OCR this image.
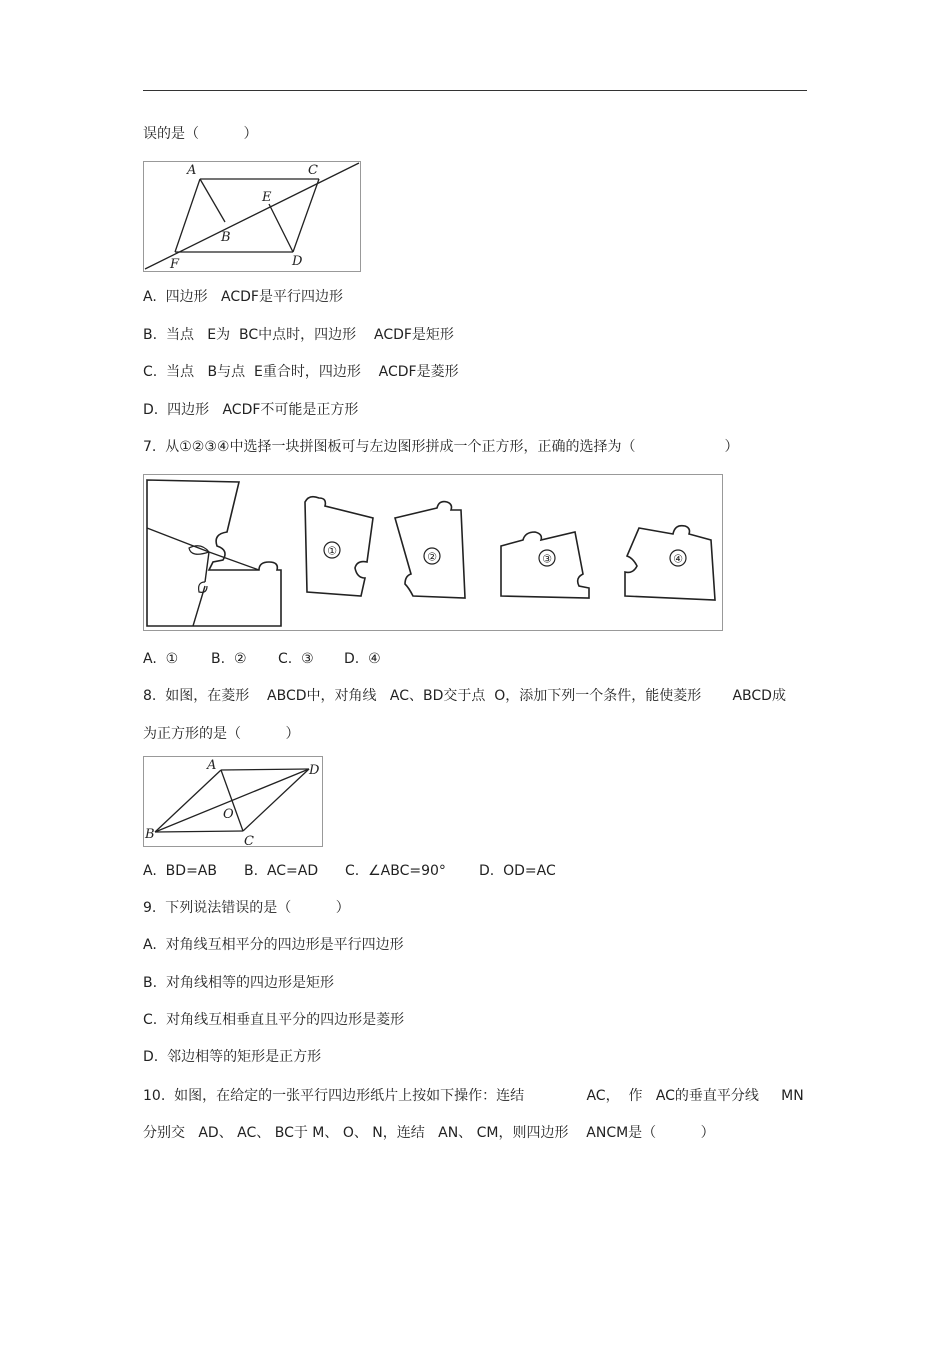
误的是（          ）
A	C
E
B
F	D
A.  四边形   ACDF是平行四边形
B.  当点   E为  BC中点时，四边形    ACDF是矩形
C.  当点   B与点  E重合时，四边形    ACDF是菱形
D.  四边形   ACDF不可能是正方形
7.  从①②③④中选择一块拼图板可与左边图形拼成一个正方形，正确的选择为（                    ）
①	②	③	④
A.  ① B.  ② C.  ③ D.  ④
8.  如图，在菱形    ABCD中，对角线   AC、BD交于点  O，添加下列一个条件，能使菱形       ABCD成
为正方形的是（          ）
A	D
O
B	C
A.  BD=AB B.  AC=AD C.  ∠ABC=90° D.  OD=AC
9.  下列说法错误的是（          ）
A.  对角线互相平分的四边形是平行四边形
B.  对角线相等的四边形是矩形
C.  对角线互相垂直且平分的四边形是菱形
D.  邻边相等的矩形是正方形
10.  如图，在给定的一张平行四边形纸片上按如下操作：连结              AC，  作   AC的垂直平分线     MN
分别交   AD、 AC、 BC于 M、 O、 N，连结   AN、 CM，则四边形    ANCM是（          ）
